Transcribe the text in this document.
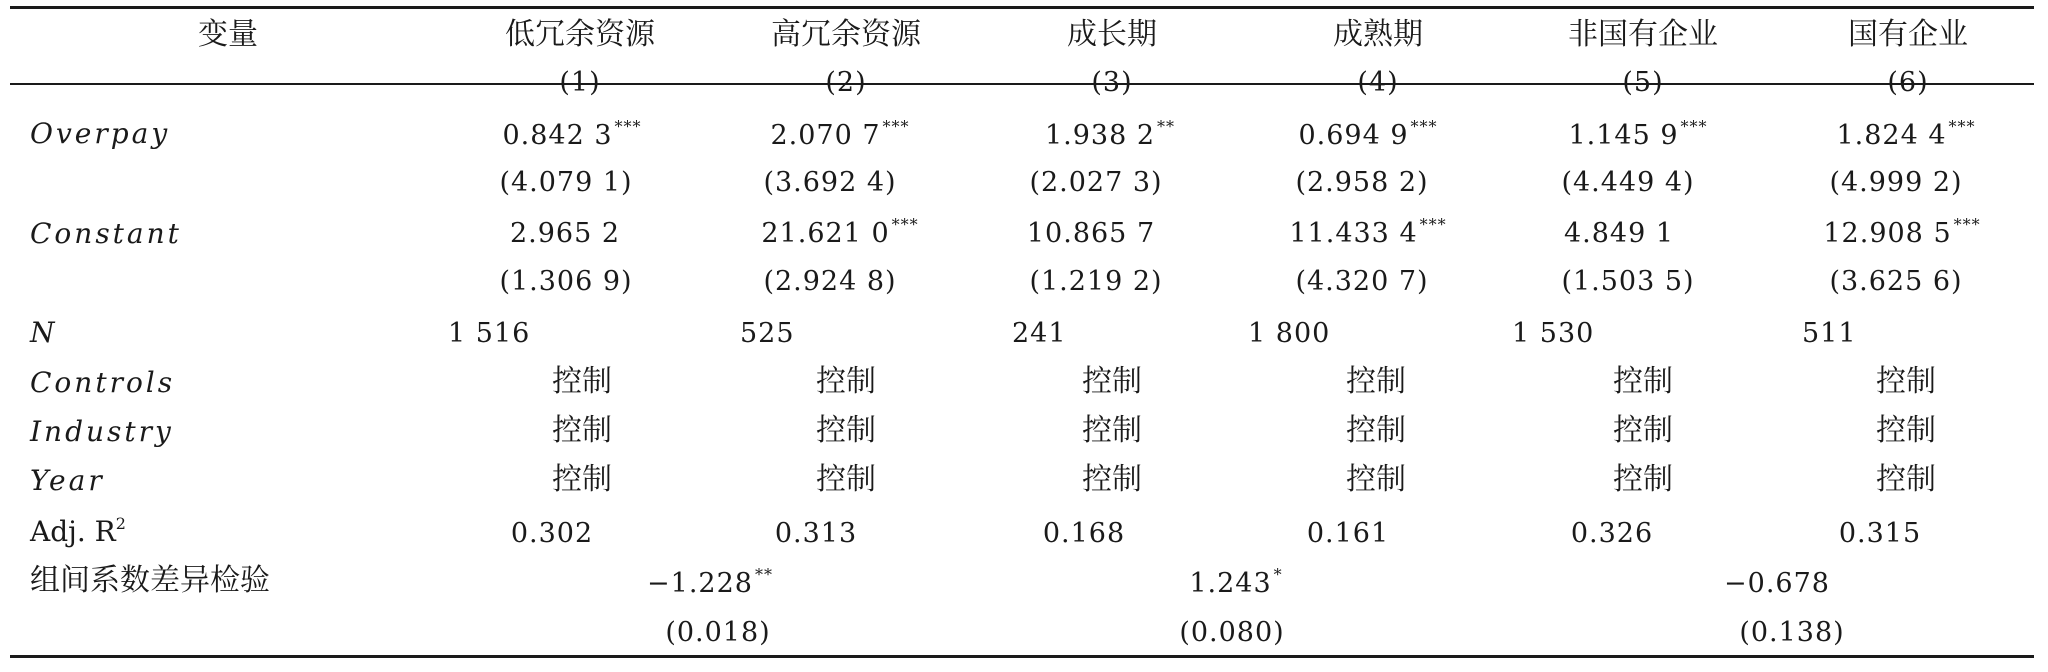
变量	低冗余资源	高冗余资源	成长期	成熟期	非国有企业	国有企业
(1)	(2)	(3)	(4)	(5)	(6)
Overpay	0.842 3 ***	2.070 7 ***	1.938 2 **	0.694 9 ***	1.145 9 ***	1.824 4 ***
(4.079 1)	(3.692 4)	(2.027 3)	(2.958 2)	(4.449 4)	(4.999 2)
Constant	2.965 2	21.621 0 ***	10.865 7	11.433 4 ***	4.849 1	12.908 5 ***
(1.306 9)	(2.924 8)	(1.219 2)	(4.320 7)	(1.503 5)	(3.625 6)
N	1 516	525	241	1 800	1 530	511
Controls	控制	控制	控制	控制	控制	控制
Industry	控制	控制	控制	控制	控制	控制
Year	控制	控制	控制	控制	控制	控制
Adj. $R^2$	0.302	0.313	0.168	0.161	0.326	0.315
组间系数差异检验	−1.228 **	1.243 *	−0.678
(0.018)	(0.080)	(0.138)
